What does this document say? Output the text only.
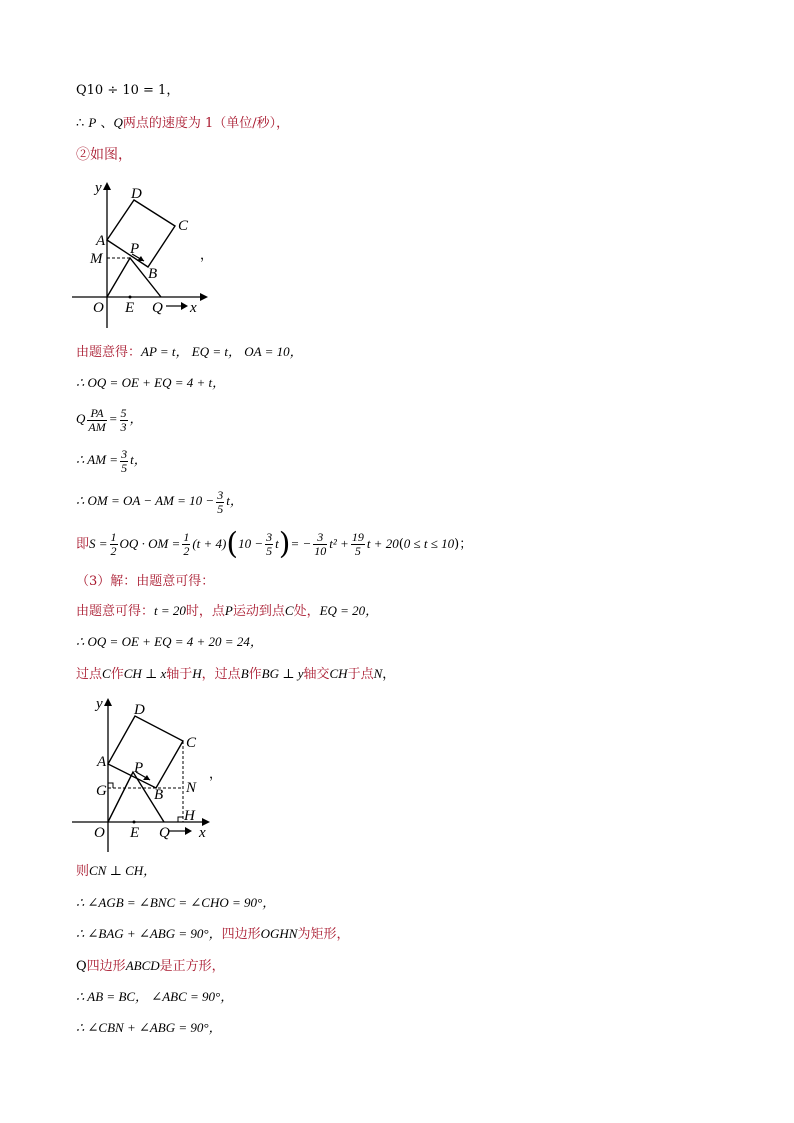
Q10 ÷ 10 = 1，
∴ P 、Q两点的速度为 1（单位/秒），
②如图，
y
x
D
C
A P
M
B
O E Q
，
由题意得：AP = t， EQ = t， OA = 10，
∴ OQ = OE + EQ = 4 + t，
Q $\frac{PA}{AM} = \frac{5}{3}$ ，
∴ AM = $\frac{3}{5}$ t，
∴ OM = OA − AM = $10 - \frac{3}{5}$ t，
即$S = \frac{1}{2}$ OQ · OM = $\frac{1}{2} (t + 4)(10 - \frac{3}{5} t)= - \frac{3}{10} t^2 + \frac{19}{5}$ t + 20(0 ≤ t ≤ 10)；
（3）解：由题意可得：
由题意可得：t = 20时，点P运动到点C处，EQ = 20，
∴ OQ = OE + EQ = 4 + 20 = 24，
过点C作CH ⊥ x轴于H，过点B作BG ⊥ y轴交CH于点N，
y
x
D
C
A P
N
G	B
O E Q
H
，
则CN ⊥ CH，
∴ ∠AGB = ∠BNC = ∠CHO = 90°，
∴ ∠BAG + ∠ABG = 90°，四边形OGHN为矩形，
Q四边形ABCD是正方形，
∴ AB = BC， ∠ABC = 90°，
∴ ∠CBN + ∠ABG = 90°，
